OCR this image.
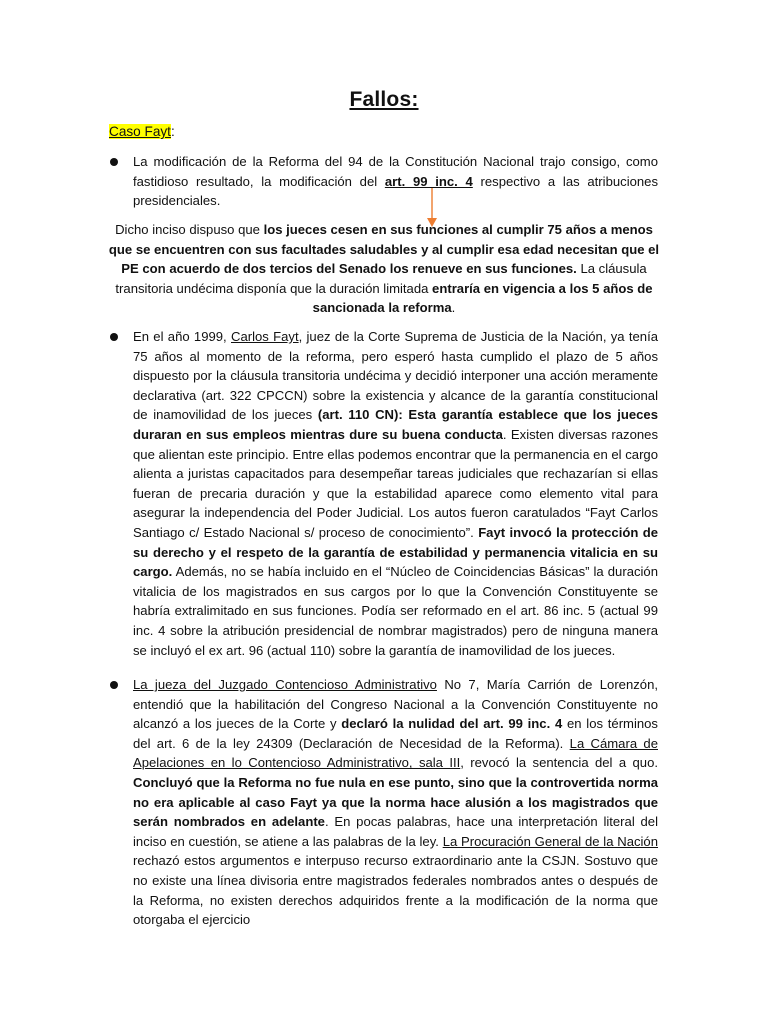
Fallos:
Caso Fayt:
La modificación de la Reforma del 94 de la Constitución Nacional trajo consigo, como fastidioso resultado, la modificación del art. 99 inc. 4 respectivo a las atribuciones presidenciales.
Dicho inciso dispuso que los jueces cesen en sus funciones al cumplir 75 años a menos que se encuentren con sus facultades saludables y al cumplir esa edad necesitan que el PE con acuerdo de dos tercios del Senado los renueve en sus funciones. La cláusula transitoria undécima disponía que la duración limitada entraría en vigencia a los 5 años de sancionada la reforma.
En el año 1999, Carlos Fayt, juez de la Corte Suprema de Justicia de la Nación, ya tenía 75 años al momento de la reforma, pero esperó hasta cumplido el plazo de 5 años dispuesto por la cláusula transitoria undécima y decidió interponer una acción meramente declarativa (art. 322 CPCCN) sobre la existencia y alcance de la garantía constitucional de inamovilidad de los jueces (art. 110 CN): Esta garantía establece que los jueces duraran en sus empleos mientras dure su buena conducta. Existen diversas razones que alientan este principio. Entre ellas podemos encontrar que la permanencia en el cargo alienta a juristas capacitados para desempeñar tareas judiciales que rechazarían si ellas fueran de precaria duración y que la estabilidad aparece como elemento vital para asegurar la independencia del Poder Judicial. Los autos fueron caratulados “Fayt Carlos Santiago c/ Estado Nacional s/ proceso de conocimiento”. Fayt invocó la protección de su derecho y el respeto de la garantía de estabilidad y permanencia vitalicia en su cargo. Además, no se había incluido en el “Núcleo de Coincidencias Básicas” la duración vitalicia de los magistrados en sus cargos por lo que la Convención Constituyente se habría extralimitado en sus funciones. Podía ser reformado en el art. 86 inc. 5 (actual 99 inc. 4 sobre la atribución presidencial de nombrar magistrados) pero de ninguna manera se incluyó el ex art. 96 (actual 110) sobre la garantía de inamovilidad de los jueces.
La jueza del Juzgado Contencioso Administrativo No 7, María Carrión de Lorenzón, entendió que la habilitación del Congreso Nacional a la Convención Constituyente no alcanzó a los jueces de la Corte y declaró la nulidad del art. 99 inc. 4 en los términos del art. 6 de la ley 24309 (Declaración de Necesidad de la Reforma). La Cámara de Apelaciones en lo Contencioso Administrativo, sala III, revocó la sentencia del a quo. Concluyó que la Reforma no fue nula en ese punto, sino que la controvertida norma no era aplicable al caso Fayt ya que la norma hace alusión a los magistrados que serán nombrados en adelante. En pocas palabras, hace una interpretación literal del inciso en cuestión, se atiene a las palabras de la ley. La Procuración General de la Nación rechazó estos argumentos e interpuso recurso extraordinario ante la CSJN. Sostuvo que no existe una línea divisoria entre magistrados federales nombrados antes o después de la Reforma, no existen derechos adquiridos frente a la modificación de la norma que otorgaba el ejercicio
